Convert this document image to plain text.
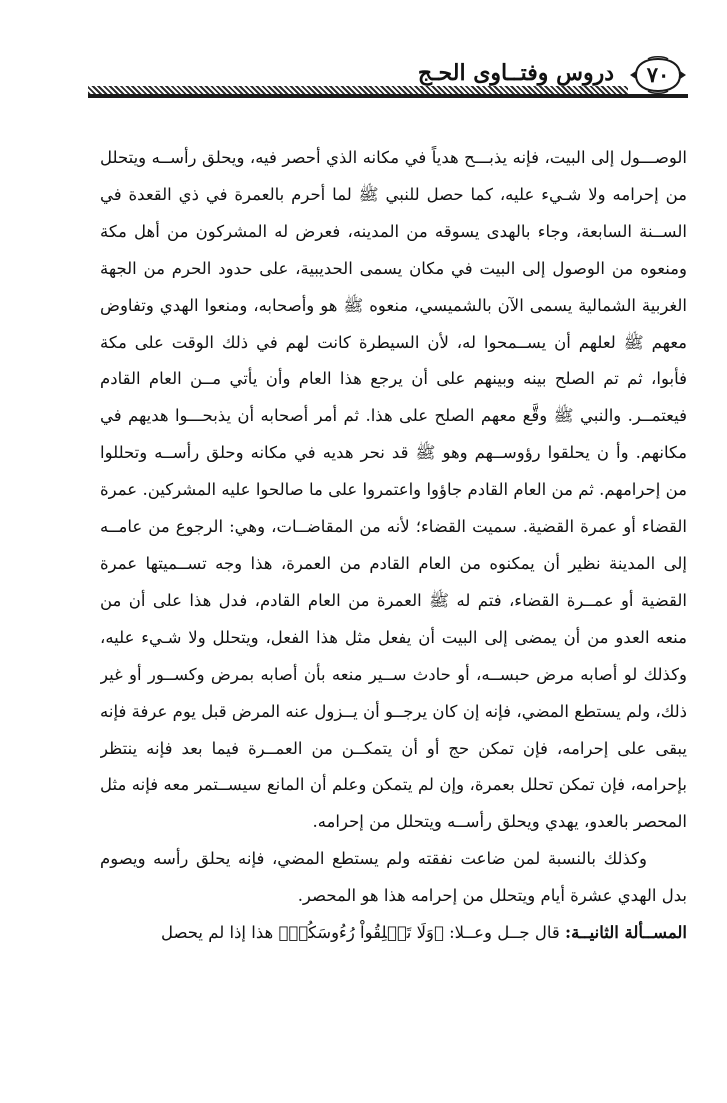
٧٠
دروس وفتــاوى الحـج

الوصـــول إلى البيت، فإنه يذبـــح هدياً في مكانه الذي أحصر فيه، ويحلق رأســه ويتحلل من إحرامه ولا شـيء عليه، كما حصل للنبي ﷺ لما أحرم بالعمرة في ذي القعدة في الســنة السابعة، وجاء بالهدى يسوقه من المدينه، فعرض له المشركون من أهل مكة ومنعوه من الوصول إلى البيت في مكان يسمى الحديبية، على حدود الحرم من الجهة الغربية الشمالية يسمى الآن بالشميسي، منعوه ﷺ هو وأصحابه، ومنعوا الهدي وتفاوض معهم ﷺ لعلهم أن يســمحوا له، لأن السيطرة كانت لهم في ذلك الوقت على مكة فأبوا، ثم تم الصلح بينه وبينهم على أن يرجع هذا العام وأن يأتي مــن العام القادم فيعتمــر. والنبي ﷺ وقَّع معهم الصلح على هذا. ثم أمر أصحابه أن يذبحـــوا هديهم في مكانهم. وأ ن يحلقوا رؤوســهم وهو ﷺ قد نحر هديه في مكانه وحلق رأســه وتحللوا من إحرامهم. ثم من العام القادم جاؤوا واعتمروا على ما صالحوا عليه المشركين. عمرة القضاء أو عمرة القضية. سميت القضاء؛ لأنه من المقاضــات، وهي: الرجوع من عامــه إلى المدينة نظير أن يمكنوه من العام القادم من العمرة، هذا وجه تســميتها عمرة القضية أو عمــرة القضاء، فتم له ﷺ العمرة من العام القادم، فدل هذا على أن من منعه العدو من أن يمضى إلى البيت أن يفعل مثل هذا الفعل، ويتحلل ولا شـيء عليه، وكذلك لو أصابه مرض حبســه، أو حادث ســير منعه بأن أصابه بمرض وكســور أو غير ذلك، ولم يستطع المضي، فإنه إن كان يرجــو أن يــزول عنه المرض قبل يوم عرفة فإنه يبقى على إحرامه، فإن تمكن حج أو أن يتمكــن من العمــرة فيما بعد فإنه ينتظر بإحرامه، فإن تمكن تحلل بعمرة، وإن لم يتمكن وعلم أن المانع سيســتمر معه فإنه مثل المحصر بالعدو، يهدي ويحلق رأســه ويتحلل من إحرامه.

وكذلك بالنسبة لمن ضاعت نفقته ولم يستطع المضي، فإنه يحلق رأسه ويصوم بدل الهدي عشرة أيام ويتحلل من إحرامه هذا هو المحصر.

المســألة الثانيــة: قال جــل وعــلا: ﴿وَلَا تَحۡلِقُواْ رُءُوسَكُمۡ﴾ هذا إذا لم يحصل
